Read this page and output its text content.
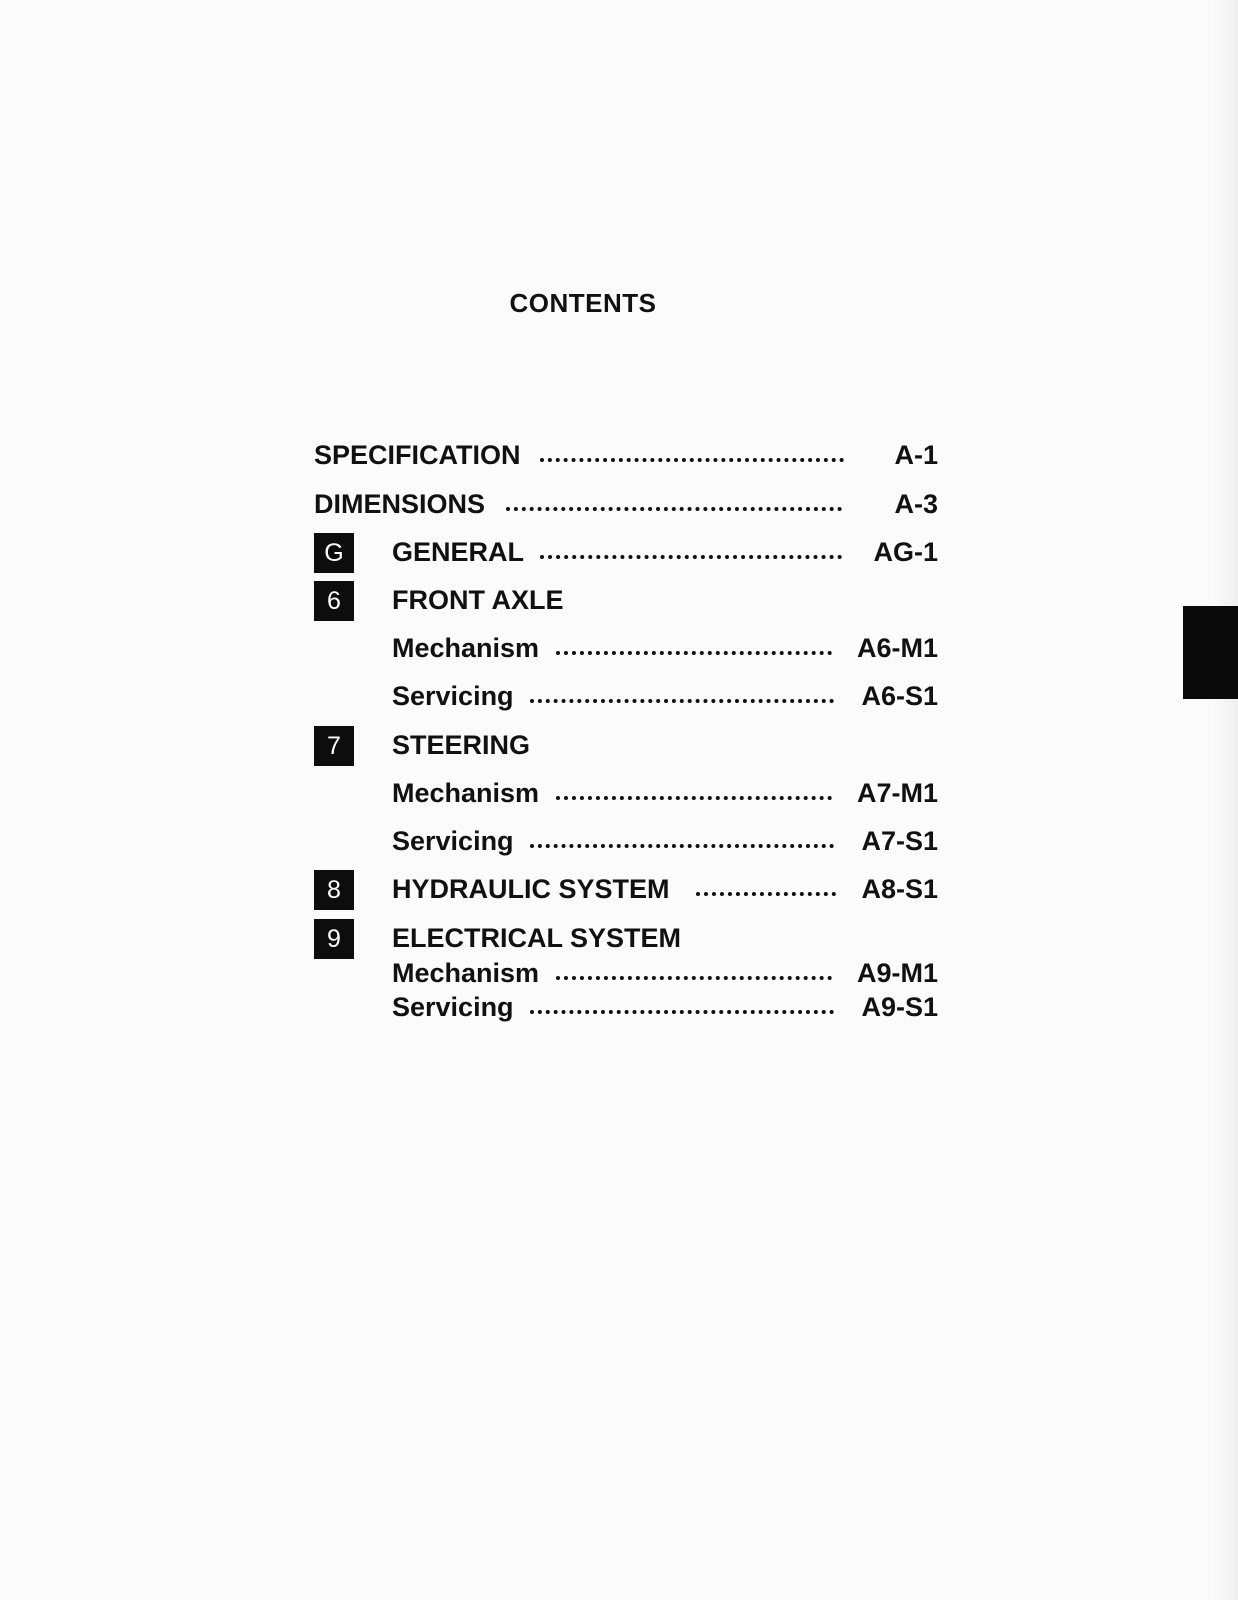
CONTENTS
SPECIFICATION	A-1
DIMENSIONS	A-3
G	GENERAL	AG-1
6	FRONT AXLE
Mechanism	A6-M1
Servicing	A6-S1
7	STEERING
Mechanism	A7-M1
Servicing	A7-S1
8	HYDRAULIC SYSTEM	A8-S1
9	ELECTRICAL SYSTEM
Mechanism	A9-M1
Servicing	A9-S1
